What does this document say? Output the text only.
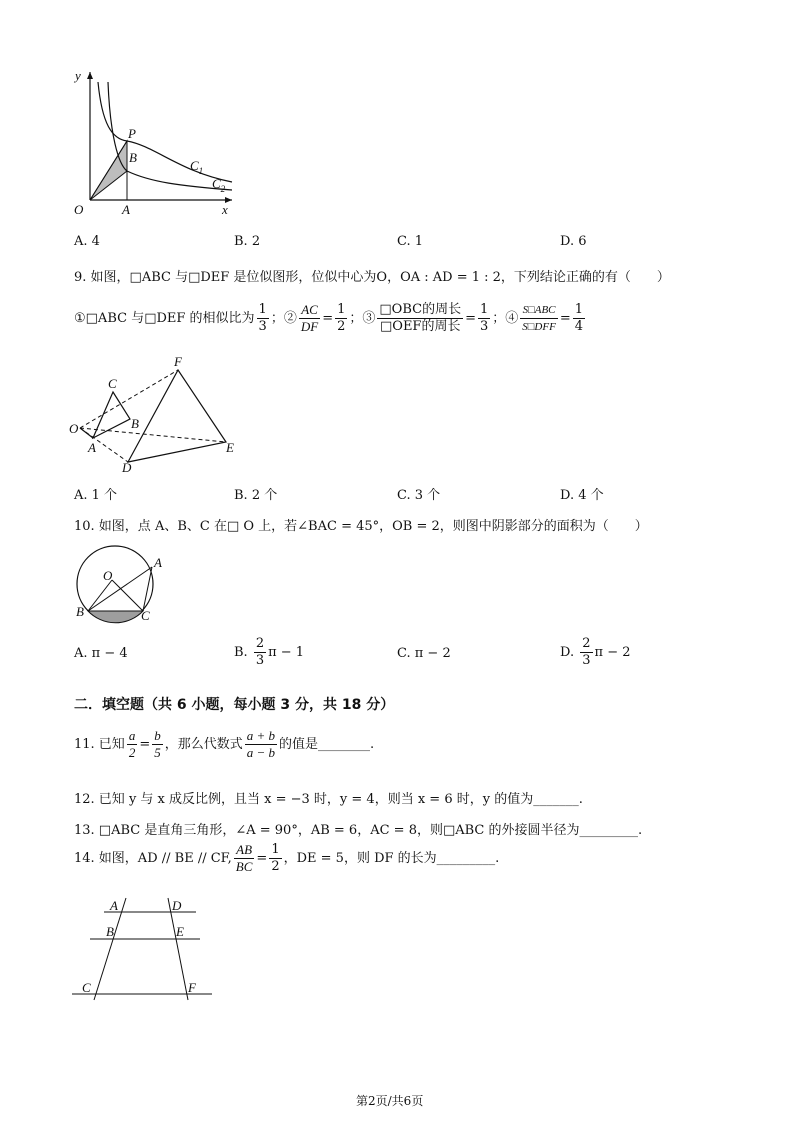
y
x
O	A
P
B
$C_1$
$C_2$
A. 4	B. 2	C. 1	D. 6
9. 如图，□ABC 与□DEF 是位似图形，位似中心为O，OA : AD = 1 : 2，下列结论正确的有（　　）
①□ABC 与□DEF 的相似比为 $\frac{1}{3}$ ；② $\frac{AC}{DF} = \frac{1}{2}$ ；③ $\frac{\text{□OBC的周长}}{\text{□OEF的周长}} = \frac{1}{3}$ ；④ $\frac{\text{S□ABC}}{\text{S□DFF}} = \frac{1}{4}$
F
C
B
O
A
D
E
A. 1 个	B. 2 个	C. 3 个	D. 4 个
10. 如图，点 A、B、C 在□ O 上，若∠BAC = 45°，OB = 2，则图中阴影部分的面积为（　　）
O
A
B	C
A. π − 4	B. $\frac{2}{3}$ π − 1	C. π − 2	D. $\frac{2}{3}$ π − 2
二．填空题（共 6 小题，每小题 3 分，共 18 分）
11. 已知 $\frac{a}{2} = \frac{b}{5}$ ，那么代数式 $\frac{a + b}{a - b}$ 的值是________.
12. 已知 y 与 x 成反比例，且当 x = −3 时，y = 4，则当 x = 6 时，y 的值为_______.
13. □ABC 是直角三角形，∠A = 90°，AB = 6，AC = 8，则□ABC 的外接圆半径为_________.
14. 如图，AD // BE // CF, $\frac{AB}{BC} = \frac{1}{2}$ ，DE = 5，则 DF 的长为_________.
A	D
B	E
C	F
第2页/共6页
